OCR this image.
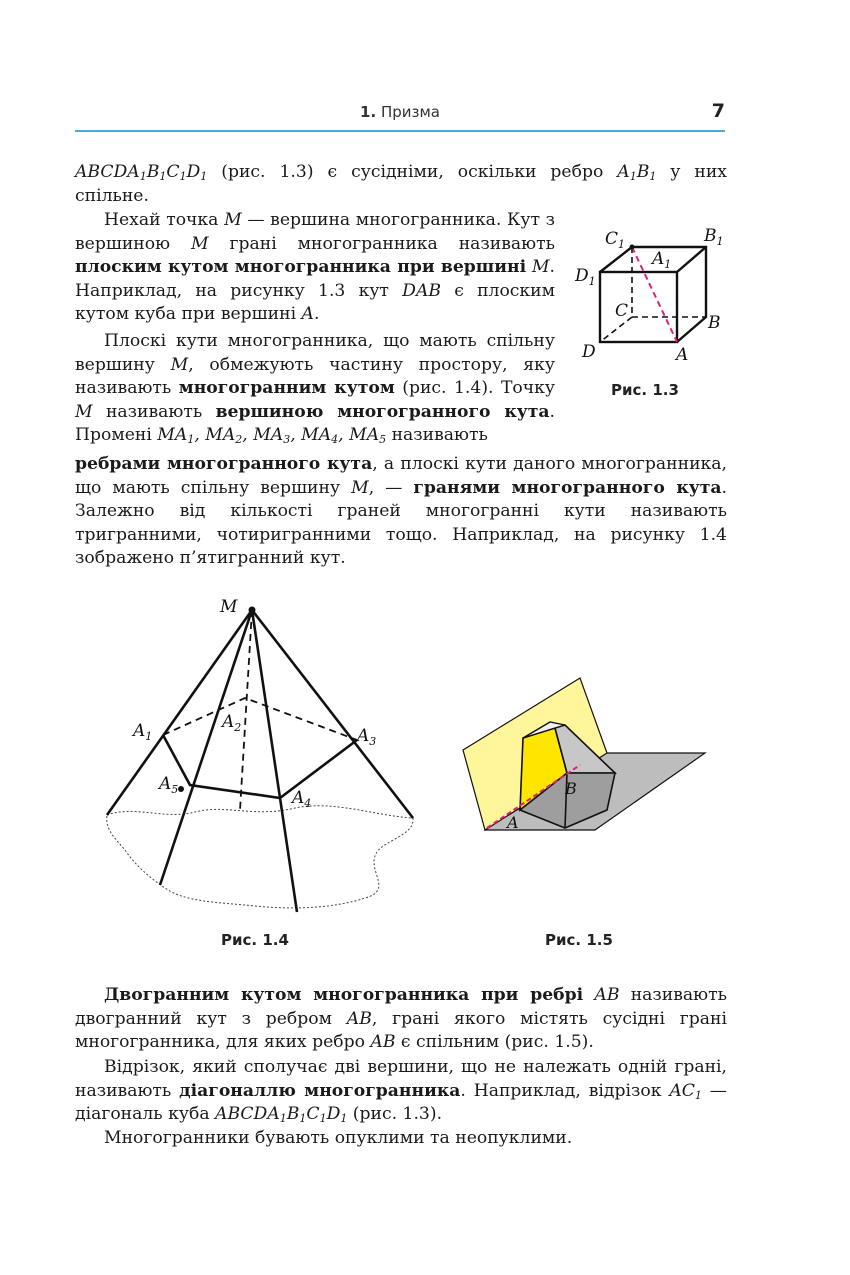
1. Призма	7

$ABCDA_1B_1C_1D_1$ (рис. 1.3) є сусідніми, оскільки ребро $A_1B_1$ у них спільне.

Нехай точка M — вершина многогранника. Кут з вершиною M грані многогранника називають плоским кутом многогранника при вершині M. Наприклад, на рисунку 1.3 кут DAB є плоским кутом куба при вершині A.

Плоскі кути многогранника, що мають спільну вершину M, обмежують частину простору, яку називають многогранним кутом (рис. 1.4). Точку M називають вершиною многогранного кута. Промені $MA_1$, $MA_2$, $MA_3$, $MA_4$, $MA_5$ називають

ребрами многогранного кута, а плоскі кути даного многогранника, що мають спільну вершину M, — гранями многогранного кута. Залежно від кількості граней многогранні кути називають тригранними, чотиригранними тощо. Наприклад, на рисунку 1.4 зображено п’ятигранний кут.

$C_1$	$B_1$
$A_1$
$D_1$
C
B
D	A
Рис. 1.3
M
$A_1$
$A_2$	$A_3$
$A_4$
$A_5$
Рис. 1.4
A
B
Рис. 1.5

Двогранним кутом многогранника при ребрі AB називають двогранний кут з ребром AB, грані якого містять сусідні грані многогранника, для яких ребро AB є спільним (рис. 1.5).

Відрізок, який сполучає дві вершини, що не належать одній грані, називають діагоналлю многогранника. Наприклад, відрізок $AC_1$ — діагональ куба $ABCDA_1B_1C_1D_1$ (рис. 1.3).

Многогранники бувають опуклими та неопуклими.
